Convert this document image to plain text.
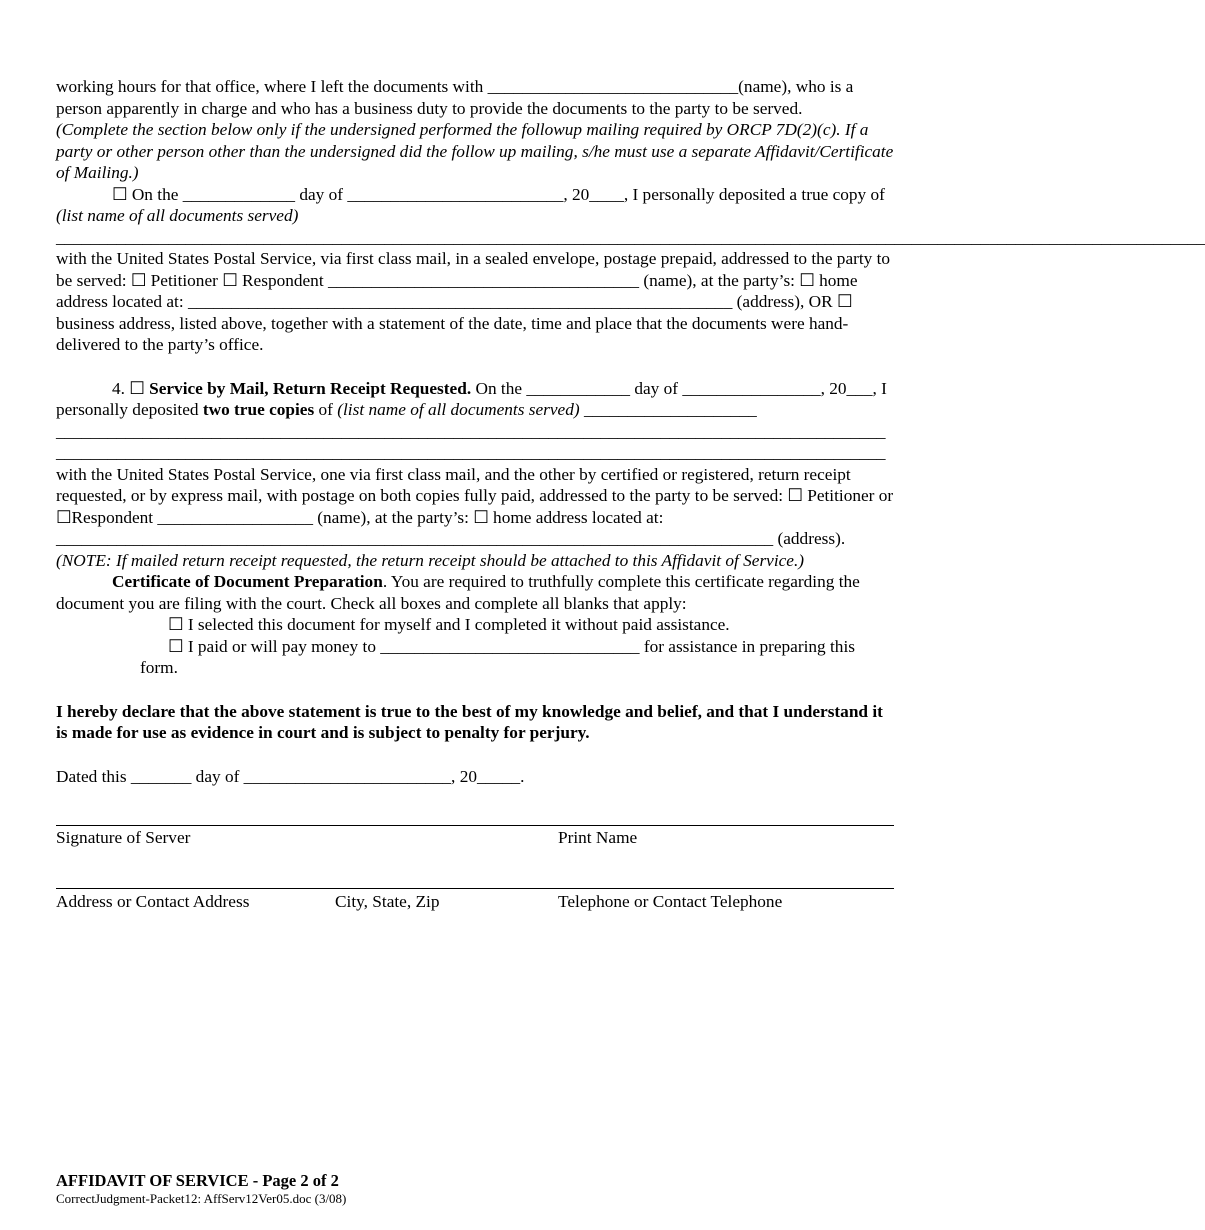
working hours for that office, where I left the documents with _____________________________(name), who is a person apparently in charge and who has a business duty to provide the documents to the party to be served.

(Complete the section below only if the undersigned performed the followup mailing required by ORCP 7D(2)(c). If a party or other person other than the undersigned did the follow up mailing, s/he must use a separate Affidavit/Certificate of Mailing.)

☐ On the _____________ day of _________________________, 20____, I personally deposited a true copy of (list name of all documents served) _____________________________________________________________________________________________________________________________________ with the United States Postal Service, via first class mail, in a sealed envelope, postage prepaid, addressed to the party to be served: ☐ Petitioner ☐ Respondent ____________________________________ (name), at the party’s: ☐ home address located at: _______________________________________________________________ (address), OR ☐ business address, listed above, together with a statement of the date, time and place that the documents were hand-delivered to the party’s office.

4. ☐ Service by Mail, Return Receipt Requested. On the ____________ day of ________________, 20___, I personally deposited two true copies of (list name of all documents served) ____________________

________________________________________________________________________________________________

________________________________________________________________________________________________

with the United States Postal Service, one via first class mail, and the other by certified or registered, return receipt requested, or by express mail, with postage on both copies fully paid, addressed to the party to be served: ☐ Petitioner or ☐Respondent __________________ (name), at the party’s: ☐ home address located at: ___________________________________________________________________________________ (address). (NOTE: If mailed return receipt requested, the return receipt should be attached to this Affidavit of Service.)

Certificate of Document Preparation. You are required to truthfully complete this certificate regarding the document you are filing with the court. Check all boxes and complete all blanks that apply:

☐ I selected this document for myself and I completed it without paid assistance.

☐ I paid or will pay money to ______________________________ for assistance in preparing this form.

I hereby declare that the above statement is true to the best of my knowledge and belief, and that I understand it is made for use as evidence in court and is subject to penalty for perjury.

Dated this _______ day of ________________________, 20_____.

Signature of Server	Print Name
Address or Contact Address	City, State, Zip	Telephone or Contact Telephone
AFFIDAVIT OF SERVICE - Page 2 of 2
CorrectJudgment-Packet12: AffServ12Ver05.doc (3/08)
